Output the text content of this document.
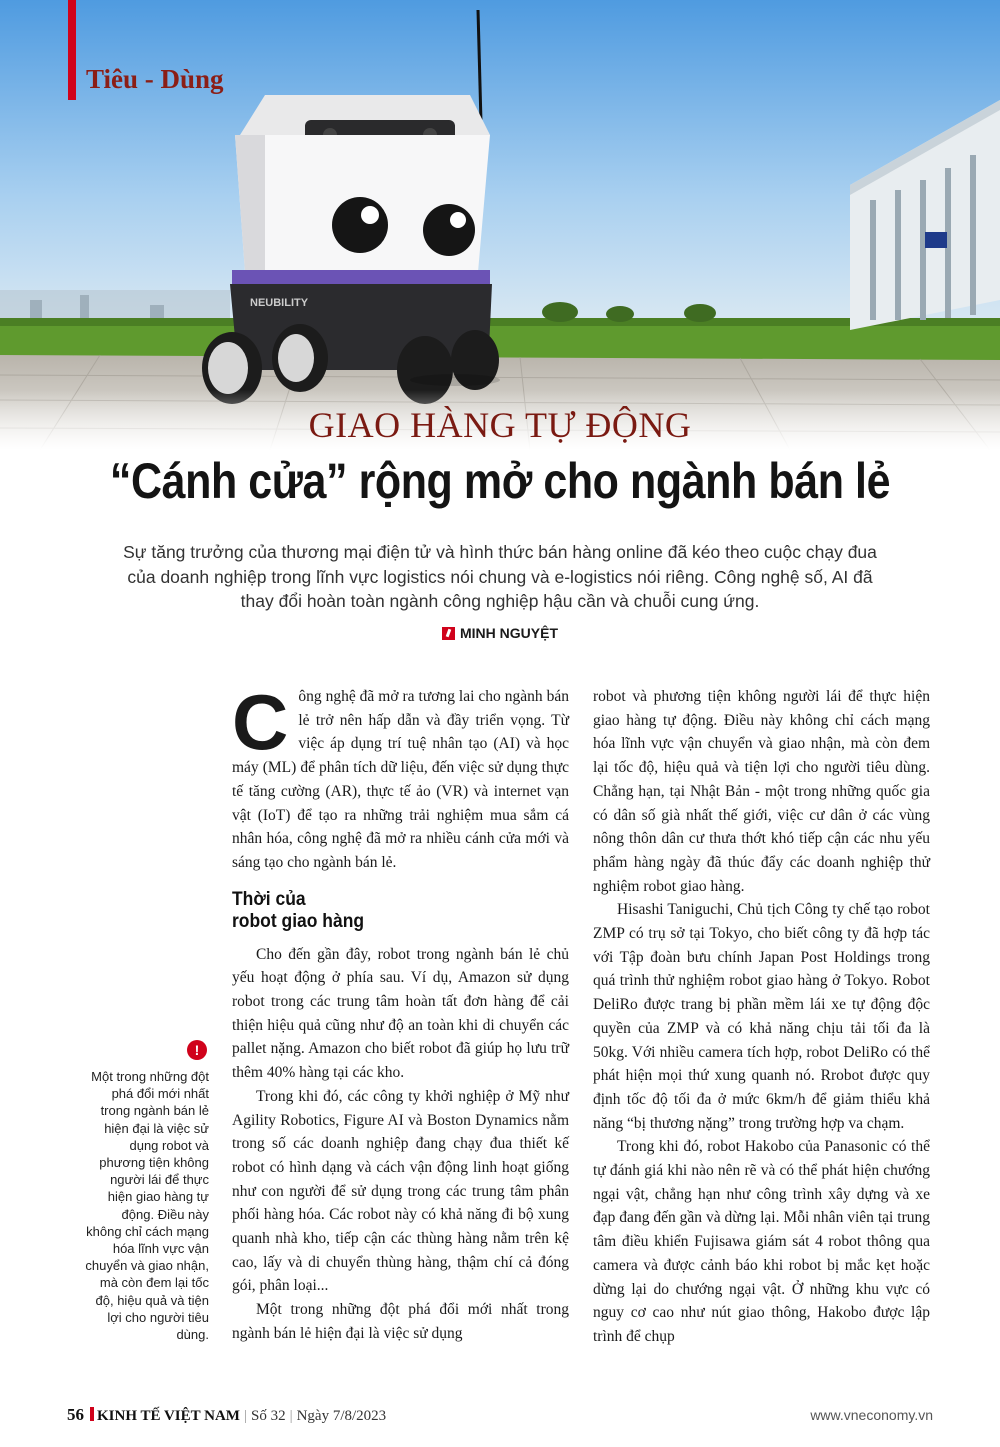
NEUBILITY
Tiêu - Dùng
GIAO HÀNG TỰ ĐỘNG
“Cánh cửa” rộng mở cho ngành bán lẻ
Sự tăng trưởng của thương mại điện tử và hình thức bán hàng online đã kéo theo cuộc chạy đua của doanh nghiệp trong lĩnh vực logistics nói chung và e-logistics nói riêng. Công nghệ số, AI đã thay đổi hoàn toàn ngành công nghiệp hậu cần và chuỗi cung ứng.
MINH NGUYỆT
!
Một trong những đột phá đổi mới nhất trong ngành bán lẻ hiện đại là việc sử dụng robot và phương tiện không người lái để thực hiện giao hàng tự động. Điều này không chỉ cách mạng hóa lĩnh vực vận chuyển và giao nhận, mà còn đem lại tốc độ, hiệu quả và tiện lợi cho người tiêu dùng.

Công nghệ đã mở ra tương lai cho ngành bán lẻ trở nên hấp dẫn và đầy triển vọng. Từ việc áp dụng trí tuệ nhân tạo (AI) và học máy (ML) để phân tích dữ liệu, đến việc sử dụng thực tế tăng cường (AR), thực tế ảo (VR) và internet vạn vật (IoT) để tạo ra những trải nghiệm mua sắm cá nhân hóa, công nghệ đã mở ra nhiều cánh cửa mới và sáng tạo cho ngành bán lẻ.

Thời của
robot giao hàng

Cho đến gần đây, robot trong ngành bán lẻ chủ yếu hoạt động ở phía sau. Ví dụ, Amazon sử dụng robot trong các trung tâm hoàn tất đơn hàng để cải thiện hiệu quả cũng như độ an toàn khi di chuyển các pallet nặng. Amazon cho biết robot đã giúp họ lưu trữ thêm 40% hàng tại các kho.

Trong khi đó, các công ty khởi nghiệp ở Mỹ như Agility Robotics, Figure AI và Boston Dynamics nằm trong số các doanh nghiệp đang chạy đua thiết kế robot có hình dạng và cách vận động linh hoạt giống như con người để sử dụng trong các trung tâm phân phối hàng hóa. Các robot này có khả năng đi bộ xung quanh nhà kho, tiếp cận các thùng hàng nằm trên kệ cao, lấy và di chuyển thùng hàng, thậm chí cả đóng gói, phân loại...

Một trong những đột phá đổi mới nhất trong ngành bán lẻ hiện đại là việc sử dụng

robot và phương tiện không người lái để thực hiện giao hàng tự động. Điều này không chỉ cách mạng hóa lĩnh vực vận chuyển và giao nhận, mà còn đem lại tốc độ, hiệu quả và tiện lợi cho người tiêu dùng. Chẳng hạn, tại Nhật Bản - một trong những quốc gia có dân số già nhất thế giới, việc cư dân ở các vùng nông thôn dân cư thưa thớt khó tiếp cận các nhu yếu phẩm hàng ngày đã thúc đẩy các doanh nghiệp thử nghiệm robot giao hàng.

Hisashi Taniguchi, Chủ tịch Công ty chế tạo robot ZMP có trụ sở tại Tokyo, cho biết công ty đã hợp tác với Tập đoàn bưu chính Japan Post Holdings trong quá trình thử nghiệm robot giao hàng ở Tokyo. Robot DeliRo được trang bị phần mềm lái xe tự động độc quyền của ZMP và có khả năng chịu tải tối đa là 50kg. Với nhiều camera tích hợp, robot DeliRo có thể phát hiện mọi thứ xung quanh nó. Rrobot được quy định tốc độ tối đa ở mức 6km/h để giảm thiểu khả năng “bị thương nặng” trong trường hợp va chạm.

Trong khi đó, robot Hakobo của Panasonic có thể tự đánh giá khi nào nên rẽ và có thể phát hiện chướng ngại vật, chẳng hạn như công trình xây dựng và xe đạp đang đến gần và dừng lại. Mỗi nhân viên tại trung tâm điều khiển Fujisawa giám sát 4 robot thông qua camera và được cảnh báo khi robot bị mắc kẹt hoặc dừng lại do chướng ngại vật. Ở những khu vực có nguy cơ cao như nút giao thông, Hakobo được lập trình để chụp

56 KINH TẾ VIỆT NAM | Số 32 | Ngày 7/8/2023	www.vneconomy.vn
